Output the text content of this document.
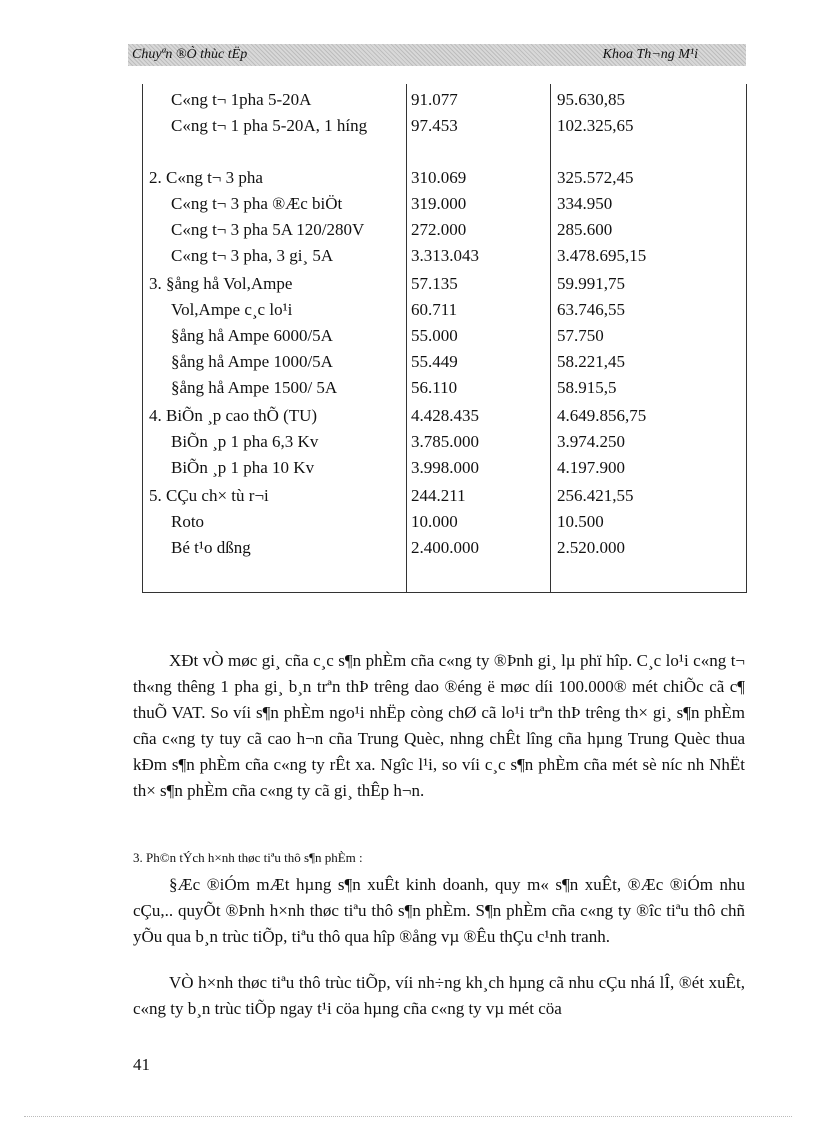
Chuyªn ®Ò thùc tËp	Khoa Th¬ng M¹i
C«ng t¬ 1pha 5-20A	91.077	95.630,85
C«ng t¬ 1 pha 5-20A, 1 híng	97.453	102.325,65
2. C«ng t¬ 3 pha	310.069	325.572,45
C«ng t¬ 3 pha ®Æc biÖt	319.000	334.950
C«ng t¬ 3 pha 5A 120/280V	272.000	285.600
C«ng t¬ 3 pha, 3 gi¸ 5A	3.313.043	3.478.695,15
3. §ång hå Vol,Ampe	57.135	59.991,75
Vol,Ampe c¸c lo¹i	60.711	63.746,55
§ång hå Ampe 6000/5A	55.000	57.750
§ång hå Ampe 1000/5A	55.449	58.221,45
§ång hå Ampe 1500/ 5A	56.110	58.915,5
4. BiÕn ¸p cao thÕ (TU)	4.428.435	4.649.856,75
BiÕn ¸p 1 pha 6,3 Kv	3.785.000	3.974.250
BiÕn ¸p 1 pha 10 Kv	3.998.000	4.197.900
5. CÇu ch× tù r¬i	244.211	256.421,55
Roto	10.000	10.500
Bé t¹o dßng	2.400.000	2.520.000

XÐt vÒ møc gi¸ cña c¸c s¶n phÈm cña c«ng ty ®Þnh gi¸ lµ phï hîp. C¸c lo¹i c«ng t¬ th«ng thêng 1 pha gi¸ b¸n trªn thÞ trêng dao ®éng ë møc díi 100.000® mét chiÕc cã c¶ thuÕ VAT. So víi s¶n phÈm ngo¹i nhËp còng chØ cã lo¹i trªn thÞ trêng th× gi¸ s¶n phÈm cña c«ng ty tuy cã cao h¬n cña Trung Quèc, nhng chÊt lîng cña hµng Trung Quèc thua kÐm s¶n phÈm cña c«ng ty rÊt xa. Ngîc l¹i, so víi c¸c s¶n phÈm cña mét sè níc nh NhËt th× s¶n phÈm cña c«ng ty cã gi¸ thÊp h¬n.

3. Ph©n tÝch h×nh thøc tiªu thô s¶n phÈm :

§Æc ®iÓm mÆt hµng s¶n xuÊt kinh doanh, quy m« s¶n xuÊt, ®Æc ®iÓm nhu cÇu,.. quyÕt ®Þnh h×nh thøc tiªu thô s¶n phÈm. S¶n phÈm cña c«ng ty ®îc tiªu thô chñ yÕu qua b¸n trùc tiÕp, tiªu thô qua hîp ®ång vµ ®Êu thÇu c¹nh tranh.

VÒ h×nh thøc tiªu thô trùc tiÕp, víi nh÷ng kh¸ch hµng cã nhu cÇu nhá lÎ, ®ét xuÊt, c«ng ty b¸n trùc tiÕp ngay t¹i cöa hµng cña c«ng ty vµ mét cöa

41
